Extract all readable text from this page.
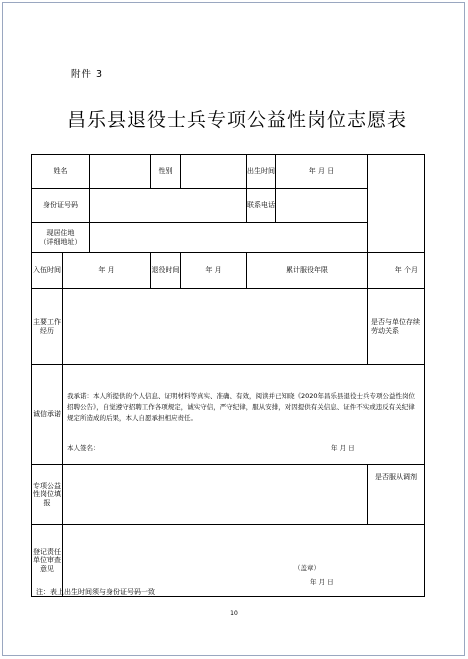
附件 3
昌乐县退役士兵专项公益性岗位志愿表
姓名			性别		出生时间	年 月 日	
身份证号码					联系电话		

现居住地
（详细地址）							

入伍时间	年 月		退役时间	年 月	累计服役年限		年 个月
主要工作经历							是否与单位存续劳动关系
诚信承诺	我承诺：本人所提供的个人信息、证明材料等真实、准确、有效，阅读并已知晓《2020年昌乐县退役士兵专项公益性岗位招聘公告》，自觉遵守招聘工作各项规定，诚实守信，严守纪律，服从安排，对因提供有关信息、证件不实或违反有关纪律规定所造成的后果，本人自愿承担相应责任。
本人签名： 年 月 日						

专项公益性岗位填报							是否服从调剂
登记责任单位审查意见	（盖章）
年 月 日						
注：表上出生时间须与身份证号码一致
10
